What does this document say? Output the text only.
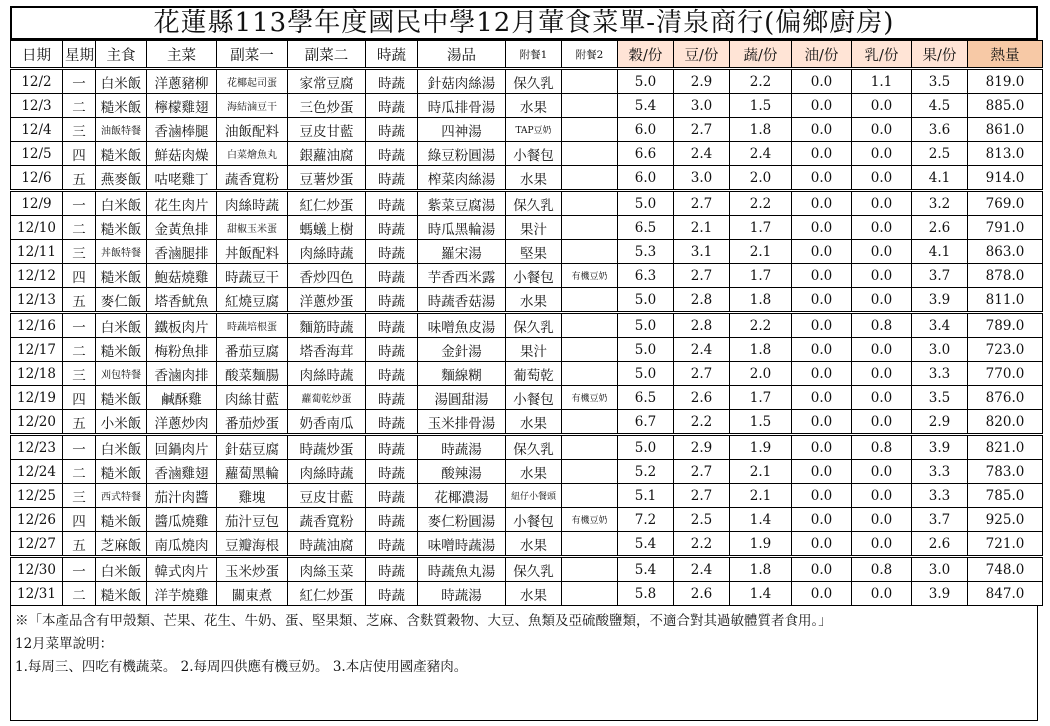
花蓮縣113學年度國民中學12月葷食菜單-清泉商行(偏鄉廚房)
日期	星期	主食	主菜	副菜一	副菜二	時蔬	湯品	附餐1	附餐2	穀/份	豆/份	蔬/份	油/份	乳/份	果/份	熱量
12/2	一	白米飯	洋蔥豬柳	花椰起司蛋	家常豆腐	時蔬	針菇肉絲湯	保久乳		5.0	2.9	2.2	0.0	1.1	3.5	819.0
12/3	二	糙米飯	檸檬雞翅	海結滷豆干	三色炒蛋	時蔬	時瓜排骨湯	水果		5.4	3.0	1.5	0.0	0.0	4.5	885.0
12/4	三	油飯特餐	香滷棒腿	油飯配料	豆皮甘藍	時蔬	四神湯	TAP豆奶		6.0	2.7	1.8	0.0	0.0	3.6	861.0
12/5	四	糙米飯	鮮菇肉燥	白菜燴魚丸	銀蘿油腐	時蔬	綠豆粉圓湯	小餐包		6.6	2.4	2.4	0.0	0.0	2.5	813.0
12/6	五	燕麥飯	咕咾雞丁	蔬香寬粉	豆薯炒蛋	時蔬	榨菜肉絲湯	水果		6.0	3.0	2.0	0.0	0.0	4.1	914.0
12/9	一	白米飯	花生肉片	肉絲時蔬	紅仁炒蛋	時蔬	紫菜豆腐湯	保久乳		5.0	2.7	2.2	0.0	0.0	3.2	769.0
12/10	二	糙米飯	金黃魚排	甜椒玉米蛋	螞蟻上樹	時蔬	時瓜黑輪湯	果汁		6.5	2.1	1.7	0.0	0.0	2.6	791.0
12/11	三	丼飯特餐	香滷腿排	丼飯配料	肉絲時蔬	時蔬	羅宋湯	堅果		5.3	3.1	2.1	0.0	0.0	4.1	863.0
12/12	四	糙米飯	鮑菇燒雞	時蔬豆干	香炒四色	時蔬	芋香西米露	小餐包	有機豆奶	6.3	2.7	1.7	0.0	0.0	3.7	878.0
12/13	五	麥仁飯	塔香魷魚	紅燒豆腐	洋蔥炒蛋	時蔬	時蔬香菇湯	水果		5.0	2.8	1.8	0.0	0.0	3.9	811.0
12/16	一	白米飯	鐵板肉片	時蔬培根蛋	麵筋時蔬	時蔬	味噌魚皮湯	保久乳		5.0	2.8	2.2	0.0	0.8	3.4	789.0
12/17	二	糙米飯	梅粉魚排	番茄豆腐	塔香海茸	時蔬	金針湯	果汁		5.0	2.4	1.8	0.0	0.0	3.0	723.0
12/18	三	刈包特餐	香滷肉排	酸菜麵腸	肉絲時蔬	時蔬	麵線糊	葡萄乾		5.0	2.7	2.0	0.0	0.0	3.3	770.0
12/19	四	糙米飯	鹹酥雞	肉絲甘藍	蘿蔔乾炒蛋	時蔬	湯圓甜湯	小餐包	有機豆奶	6.5	2.6	1.7	0.0	0.0	3.5	876.0
12/20	五	小米飯	洋蔥炒肉	番茄炒蛋	奶香南瓜	時蔬	玉米排骨湯	水果		6.7	2.2	1.5	0.0	0.0	2.9	820.0
12/23	一	白米飯	回鍋肉片	針菇豆腐	時蔬炒蛋	時蔬	時蔬湯	保久乳		5.0	2.9	1.9	0.0	0.8	3.9	821.0
12/24	二	糙米飯	香滷雞翅	蘿蔔黑輪	肉絲時蔬	時蔬	酸辣湯	水果		5.2	2.7	2.1	0.0	0.0	3.3	783.0
12/25	三	西式特餐	茄汁肉醬	雞塊	豆皮甘藍	時蔬	花椰濃湯	紐仔小餐頭		5.1	2.7	2.1	0.0	0.0	3.3	785.0
12/26	四	糙米飯	醬瓜燒雞	茄汁豆包	蔬香寬粉	時蔬	麥仁粉圓湯	小餐包	有機豆奶	7.2	2.5	1.4	0.0	0.0	3.7	925.0
12/27	五	芝麻飯	南瓜燒肉	豆瓣海根	時蔬油腐	時蔬	味噌時蔬湯	水果		5.4	2.2	1.9	0.0	0.0	2.6	721.0
12/30	一	白米飯	韓式肉片	玉米炒蛋	肉絲玉菜	時蔬	時蔬魚丸湯	保久乳		5.4	2.4	1.8	0.0	0.8	3.0	748.0
12/31	二	糙米飯	洋芋燒雞	關東煮	紅仁炒蛋	時蔬	時蔬湯	水果		5.8	2.6	1.4	0.0	0.0	3.9	847.0

※「本產品含有甲殼類、芒果、花生、牛奶、蛋、堅果類、芝麻、含麩質穀物、大豆、魚類及亞硫酸鹽類，不適合對其過敏體質者食用。」

12月菜單說明：

1.每周三、四吃有機蔬菜。 2.每周四供應有機豆奶。 3.本店使用國產豬肉。
